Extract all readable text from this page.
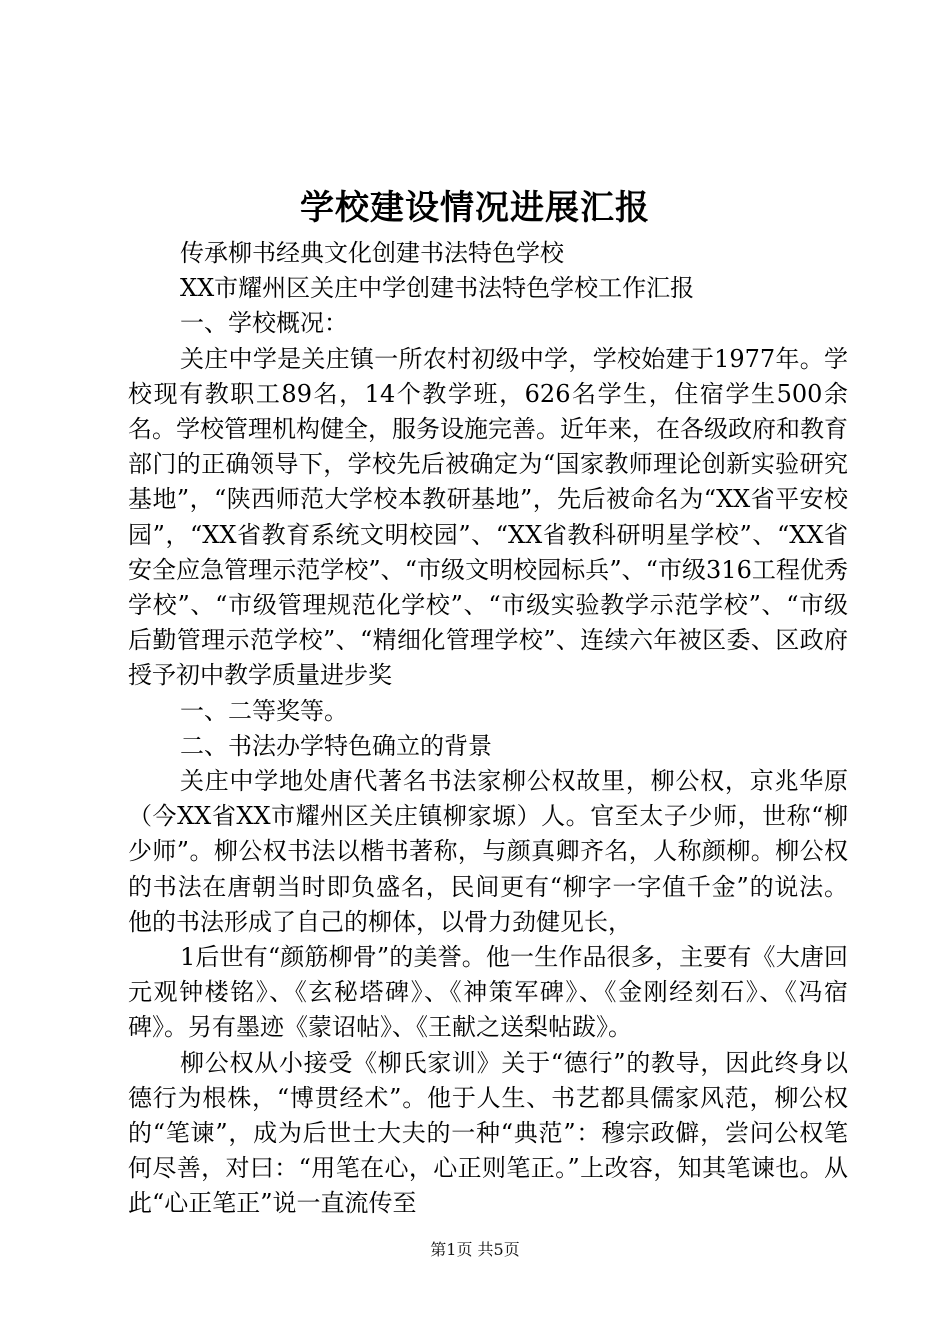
学校建设情况进展汇报

传承柳书经典文化创建书法特色学校

XX市耀州区关庄中学创建书法特色学校工作汇报

一、学校概况：

关庄中学是关庄镇一所农村初级中学，学校始建于1977年。学校现有教职工89名，14个教学班，626名学生，住宿学生500余名。学校管理机构健全，服务设施完善。近年来，在各级政府和教育部门的正确领导下，学校先后被确定为“国家教师理论创新实验研究基地”，“陕西师范大学校本教研基地”，先后被命名为“XX省平安校园”，“XX省教育系统文明校园”、“XX省教科研明星学校”、“XX省安全应急管理示范学校”、“市级文明校园标兵”、“市级316工程优秀学校”、“市级管理规范化学校”、“市级实验教学示范学校”、“市级后勤管理示范学校”、“精细化管理学校”、连续六年被区委、区政府授予初中教学质量进步奖

一、二等奖等。

二、书法办学特色确立的背景

关庄中学地处唐代著名书法家柳公权故里，柳公权，京兆华原（今XX省XX市耀州区关庄镇柳家塬）人。官至太子少师，世称“柳少师”。柳公权书法以楷书著称，与颜真卿齐名，人称颜柳。柳公权的书法在唐朝当时即负盛名，民间更有“柳字一字值千金”的说法。他的书法形成了自己的柳体，以骨力劲健见长，

1后世有“颜筋柳骨”的美誉。他一生作品很多，主要有《大唐回元观钟楼铭》、《玄秘塔碑》、《神策军碑》、《金刚经刻石》、《冯宿碑》。另有墨迹《蒙诏帖》、《王献之送梨帖跋》。

柳公权从小接受《柳氏家训》关于“德行”的教导，因此终身以德行为根株，“博贯经术”。他于人生、书艺都具儒家风范，柳公权的“笔谏”，成为后世士大夫的一种“典范”：穆宗政僻，尝问公权笔何尽善，对曰：“用笔在心，心正则笔正。”上改容，知其笔谏也。从此“心正笔正”说一直流传至

第1页 共5页
